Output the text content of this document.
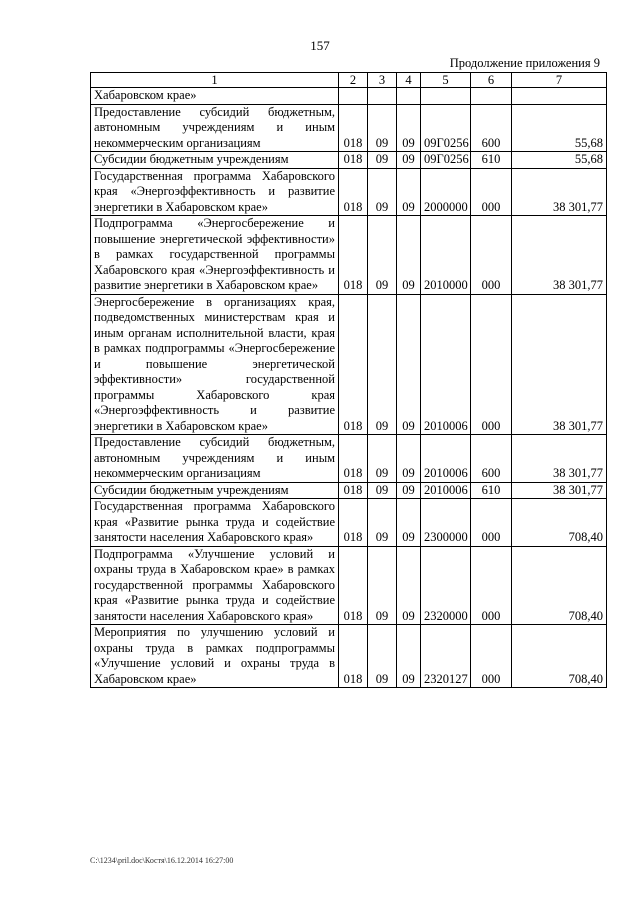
157
Продолжение приложения 9
1	2	3	4	5	6	7
Хабаровском крае»						
Предоставление субсидий бюджетным, автономным учреждениям и иным некоммерческим организациям	018	09	09	09Г0256	600	55,68
Субсидии бюджетным учреждениям	018	09	09	09Г0256	610	55,68
Государственная программа Хабаровского края «Энергоэффективность и развитие энергетики в Хабаровском крае»	018	09	09	2000000	000	38 301,77
Подпрограмма «Энергосбережение и повышение энергетической эффективности» в рамках государственной программы Хабаровского края «Энергоэффективность и развитие энергетики в Хабаровском крае»	018	09	09	2010000	000	38 301,77
Энергосбережение в организациях края, подведомственных министерствам края и иным органам исполнительной власти, края в рамках подпрограммы «Энергосбережение и повышение энергетической эффективности» государственной программы Хабаровского края «Энергоэффективность и развитие энергетики в Хабаровском крае»	018	09	09	2010006	000	38 301,77
Предоставление субсидий бюджетным, автономным учреждениям и иным некоммерческим организациям	018	09	09	2010006	600	38 301,77
Субсидии бюджетным учреждениям	018	09	09	2010006	610	38 301,77
Государственная программа Хабаровского края «Развитие рынка труда и содействие занятости населения Хабаровского края»	018	09	09	2300000	000	708,40
Подпрограмма «Улучшение условий и охраны труда в Хабаровском крае» в рамках государственной программы Хабаровского края «Развитие рынка труда и содействие занятости населения Хабаровского края»	018	09	09	2320000	000	708,40
Мероприятия по улучшению условий и охраны труда в рамках подпрограммы «Улучшение условий и охраны труда в Хабаровском крае»	018	09	09	2320127	000	708,40
C:\1234\pril.doc\Костя\16.12.2014 16:27:00
